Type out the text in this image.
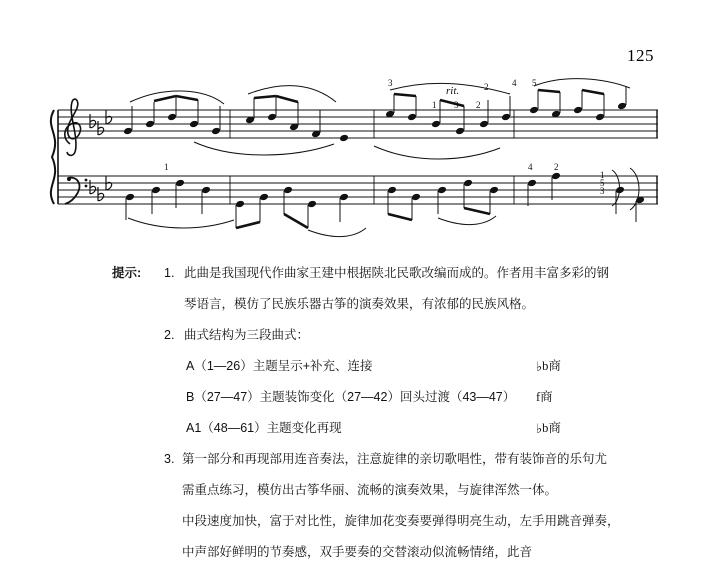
125
3	2	4 5
1 3 2
rit.
4 2
1
1
5
3
提示:	1. 此曲是我国现代作曲家王建中根据陕北民歌改编而成的。作者用丰富多彩的钢
琴语言，模仿了民族乐器古筝的演奏效果，有浓郁的民族风格。
2. 曲式结构为三段曲式：
A（1—26）主题呈示+补充、连接	♭b商
B（27—47）主题装饰变化（27—42）回头过渡（43—47）	f商
A1（48—61）主题变化再现	♭b商
3. 第一部分和再现部用连音奏法，注意旋律的亲切歌唱性，带有装饰音的乐句尤
需重点练习，模仿出古筝华丽、流畅的演奏效果，与旋律浑然一体。
中段速度加快，富于对比性，旋律加花变奏要弹得明亮生动，左手用跳音弹奏，
中声部好鲜明的节奏感，双手要奏的交替滚动似流畅情绪，此音
